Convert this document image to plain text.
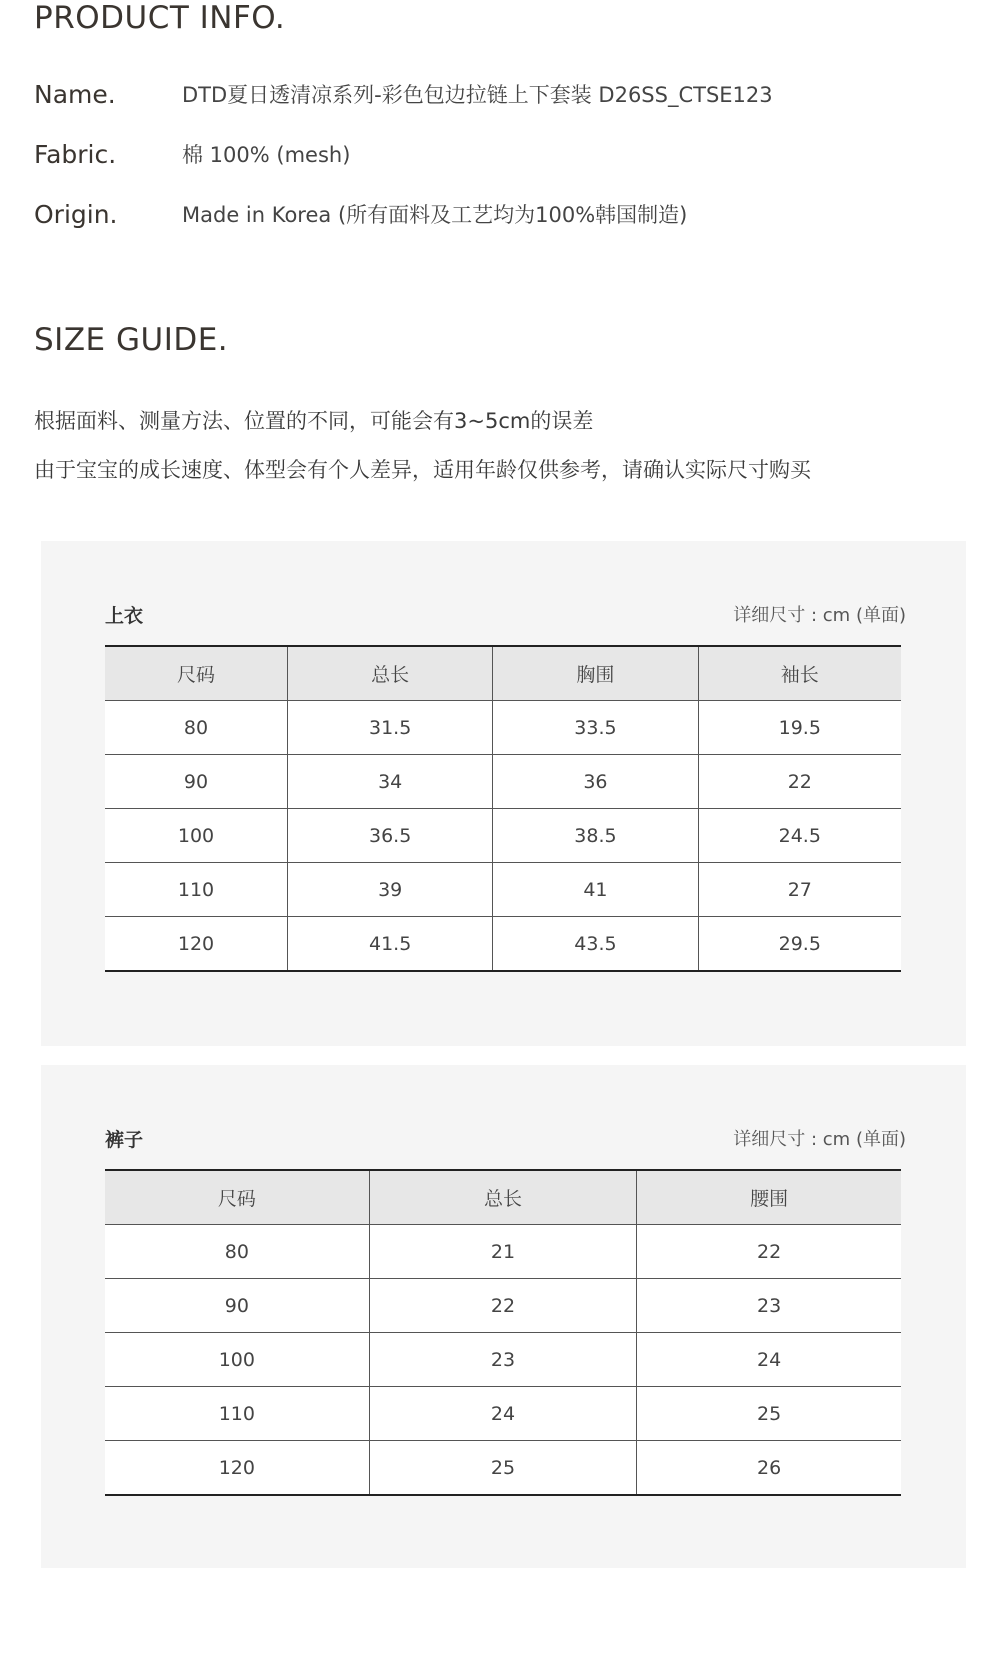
PRODUCT INFO.
Name.	DTD夏日透清凉系列-彩色包边拉链上下套装 D26SS_CTSE123
Fabric.	棉 100% (mesh)
Origin.	Made in Korea (所有面料及工艺均为100%韩国制造)
SIZE GUIDE.
根据面料、测量方法、位置的不同，可能会有3~5cm的误差
由于宝宝的成长速度、体型会有个人差异，适用年龄仅供参考，请确认实际尺寸购买
上衣	详细尺寸 : cm (单面)
尺码	总长	胸围	袖长
80	31.5	33.5	19.5
90	34	36	22
100	36.5	38.5	24.5
110	39	41	27
120	41.5	43.5	29.5
裤子	详细尺寸 : cm (单面)
尺码	总长	腰围
80	21	22
90	22	23
100	23	24
110	24	25
120	25	26
